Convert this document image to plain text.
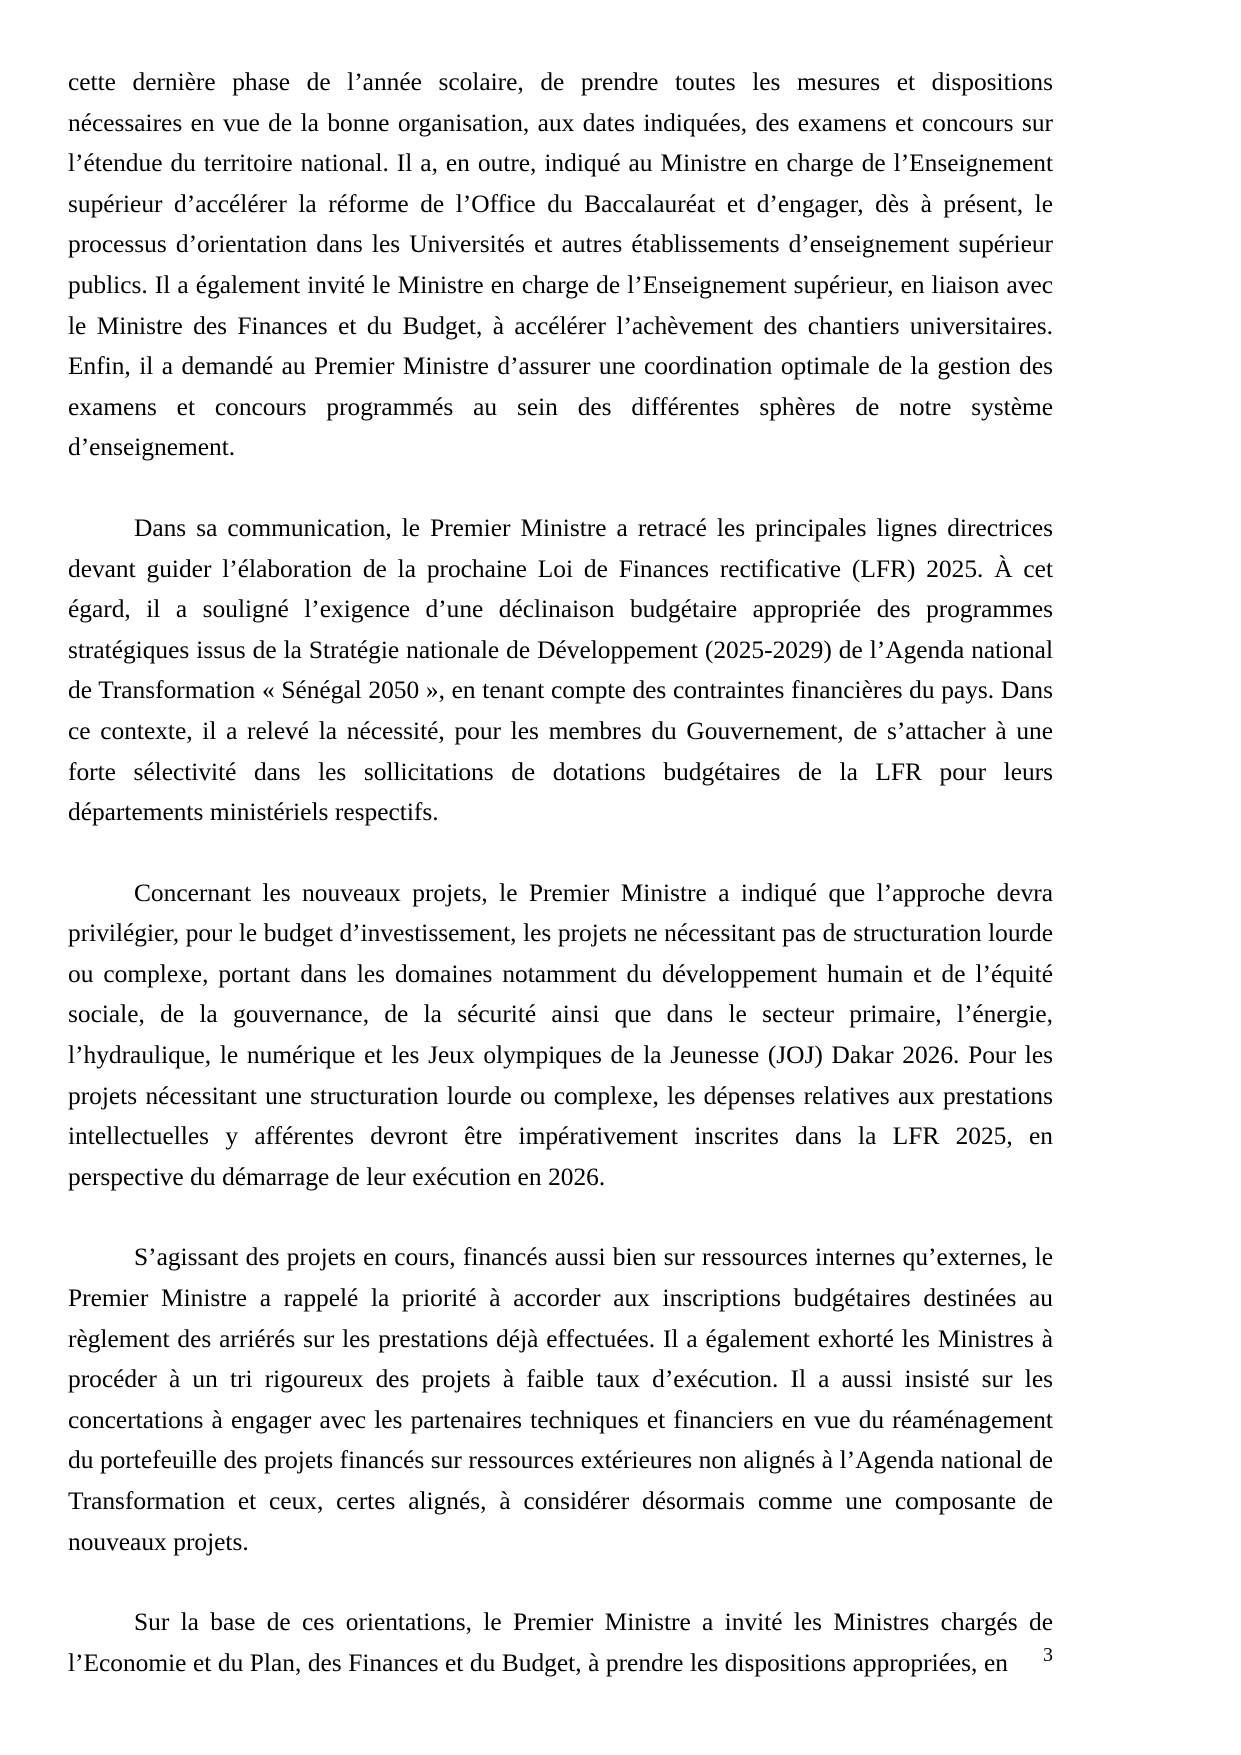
cette dernière phase de l’année scolaire, de prendre toutes les mesures et dispositions nécessaires en vue de la bonne organisation, aux dates indiquées, des examens et concours sur l’étendue du territoire national. Il a, en outre, indiqué au Ministre en charge de l’Enseignement supérieur d’accélérer la réforme de l’Office du Baccalauréat et d’engager, dès à présent, le processus d’orientation dans les Universités et autres établissements d’enseignement supérieur publics. Il a également invité le Ministre en charge de l’Enseignement supérieur, en liaison avec le Ministre des Finances et du Budget, à accélérer l’achèvement des chantiers universitaires. Enfin, il a demandé au Premier Ministre d’assurer une coordination optimale de la gestion des examens et concours programmés au sein des différentes sphères de notre système d’enseignement.

Dans sa communication, le Premier Ministre a retracé les principales lignes directrices devant guider l’élaboration de la prochaine Loi de Finances rectificative (LFR) 2025. À cet égard, il a souligné l’exigence d’une déclinaison budgétaire appropriée des programmes stratégiques issus de la Stratégie nationale de Développement (2025-2029) de l’Agenda national de Transformation « Sénégal 2050 », en tenant compte des contraintes financières du pays. Dans ce contexte, il a relevé la nécessité, pour les membres du Gouvernement, de s’attacher à une forte sélectivité dans les sollicitations de dotations budgétaires de la LFR pour leurs départements ministériels respectifs.

Concernant les nouveaux projets, le Premier Ministre a indiqué que l’approche devra privilégier, pour le budget d’investissement, les projets ne nécessitant pas de structuration lourde ou complexe, portant dans les domaines notamment du développement humain et de l’équité sociale, de la gouvernance, de la sécurité ainsi que dans le secteur primaire, l’énergie, l’hydraulique, le numérique et les Jeux olympiques de la Jeunesse (JOJ) Dakar 2026. Pour les projets nécessitant une structuration lourde ou complexe, les dépenses relatives aux prestations intellectuelles y afférentes devront être impérativement inscrites dans la LFR 2025, en perspective du démarrage de leur exécution en 2026.

S’agissant des projets en cours, financés aussi bien sur ressources internes qu’externes, le Premier Ministre a rappelé la priorité à accorder aux inscriptions budgétaires destinées au règlement des arriérés sur les prestations déjà effectuées. Il a également exhorté les Ministres à procéder à un tri rigoureux des projets à faible taux d’exécution. Il a aussi insisté sur les concertations à engager avec les partenaires techniques et financiers en vue du réaménagement du portefeuille des projets financés sur ressources extérieures non alignés à l’Agenda national de Transformation et ceux, certes alignés, à considérer désormais comme une composante de nouveaux projets.

Sur la base de ces orientations, le Premier Ministre a invité les Ministres chargés de l’Economie et du Plan, des Finances et du Budget, à prendre les dispositions appropriées, en	3
